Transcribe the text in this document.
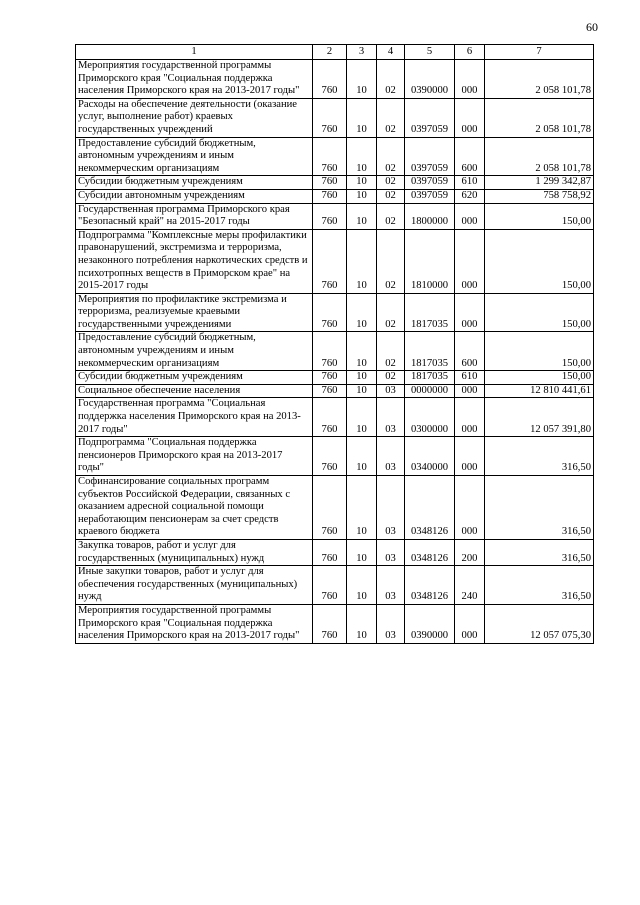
60
1	2	3	4	5	6	7
Мероприятия государственной программы Приморского края "Социальная поддержка населения Приморского края на 2013-2017 годы"	760	10	02	0390000	000	2 058 101,78
Расходы на обеспечение деятельности (оказание услуг, выполнение работ) краевых государственных учреждений	760	10	02	0397059	000	2 058 101,78
Предоставление субсидий бюджетным, автономным учреждениям и иным некоммерческим организациям	760	10	02	0397059	600	2 058 101,78
Субсидии бюджетным учреждениям	760	10	02	0397059	610	1 299 342,87
Субсидии автономным учреждениям	760	10	02	0397059	620	758 758,92
Государственная программа Приморского края "Безопасный край" на 2015-2017 годы	760	10	02	1800000	000	150,00
Подпрограмма "Комплексные меры профилактики правонарушений, экстремизма и терроризма, незаконного потребления наркотических средств и психотропных веществ в Приморском крае" на 2015-2017 годы	760	10	02	1810000	000	150,00
Мероприятия по профилактике экстремизма и терроризма, реализуемые краевыми государственными учреждениями	760	10	02	1817035	000	150,00
Предоставление субсидий бюджетным, автономным учреждениям и иным некоммерческим организациям	760	10	02	1817035	600	150,00
Субсидии бюджетным учреждениям	760	10	02	1817035	610	150,00
Социальное обеспечение населения	760	10	03	0000000	000	12 810 441,61
Государственная программа "Социальная поддержка населения Приморского края на 2013-2017 годы"	760	10	03	0300000	000	12 057 391,80
Подпрограмма "Социальная поддержка пенсионеров Приморского края на 2013-2017 годы"	760	10	03	0340000	000	316,50
Софинансирование социальных программ субъектов Российской Федерации, связанных с оказанием адресной социальной помощи неработающим пенсионерам за счет средств краевого бюджета	760	10	03	0348126	000	316,50
Закупка товаров, работ и услуг для государственных (муниципальных) нужд	760	10	03	0348126	200	316,50
Иные закупки товаров, работ и услуг для обеспечения государственных (муниципальных) нужд	760	10	03	0348126	240	316,50
Мероприятия государственной программы Приморского края "Социальная поддержка населения Приморского края на 2013-2017 годы"	760	10	03	0390000	000	12 057 075,30
